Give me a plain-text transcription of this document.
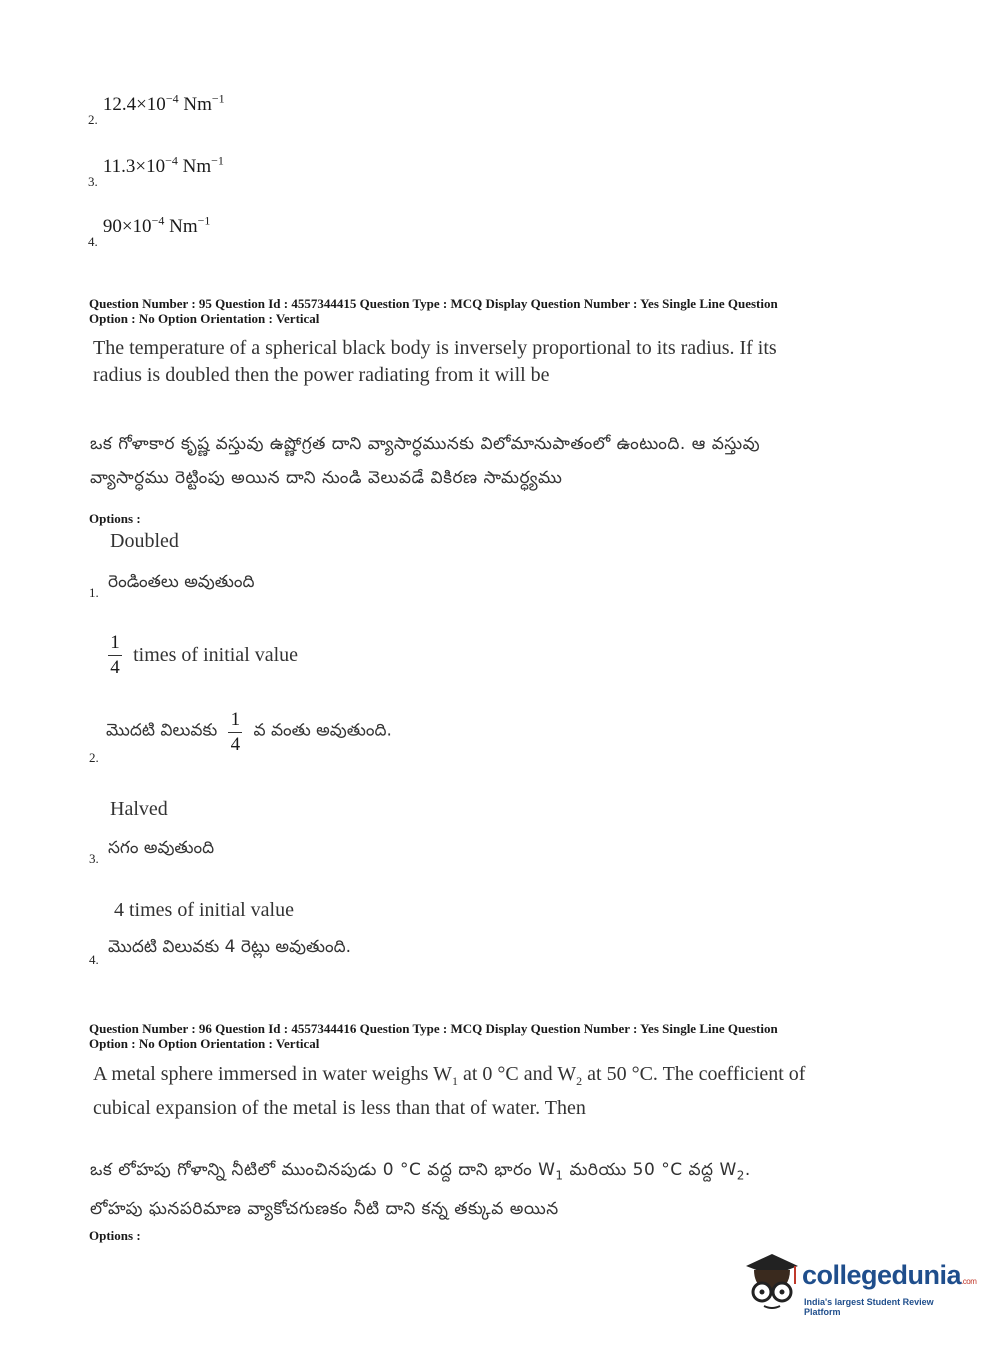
$_{2.}$ $12.4\times 10^{-4}$ $Nm^{-1}$
$_{3.}$ $11.3\times 10^{-4}$ $Nm^{-1}$
$_{4.}$ $90\times 10^{-4}$ $Nm^{-1}$
Question Number : 95 Question Id : 4557344415 Question Type : MCQ Display Question Number : Yes Single Line Question
Option : No Option Orientation : Vertical
The temperature of a spherical black body is inversely proportional to its radius. If its
radius is doubled then the power radiating from it will be
ఒక గోళాకార కృష్ణ వస్తువు ఉష్ణోగ్రత దాని వ్యాసార్ధమునకు విలోమానుపాతంలో ఉంటుంది. ఆ వస్తువు
వ్యాసార్ధము రెట్టింపు అయిన దాని నుండి వెలువడే వికిరణ సామర్ధ్యము
Options :
Doubled
1.
రెండింతలు అవుతుంది
$\frac{1}{4}$ times of initial value
మొదటి విలువకు $\frac{1}{4}$ వ వంతు అవుతుంది.
2.
Halved
సగం అవుతుంది
3.
4 times of initial value
మొదటి విలువకు 4 రెట్లు అవుతుంది.
4.
Question Number : 96 Question Id : 4557344416 Question Type : MCQ Display Question Number : Yes Single Line Question
Option : No Option Orientation : Vertical
A metal sphere immersed in water weighs $W_1$ at 0 °C and $W_2$ at 50 °C. The coefficient of
cubical expansion of the metal is less than that of water. Then
ఒక లోహపు గోళాన్ని నీటిలో ముంచినపుడు 0 °C వద్ద దాని భారం $W_1$ మరియు 50 °C వద్ద $W_2$.
లోహపు ఘనపరిమాణ వ్యాకోచగుణకం నీటి దాని కన్న తక్కువ అయిన
Options :
collegedunia.com
India's largest Student Review Platform
